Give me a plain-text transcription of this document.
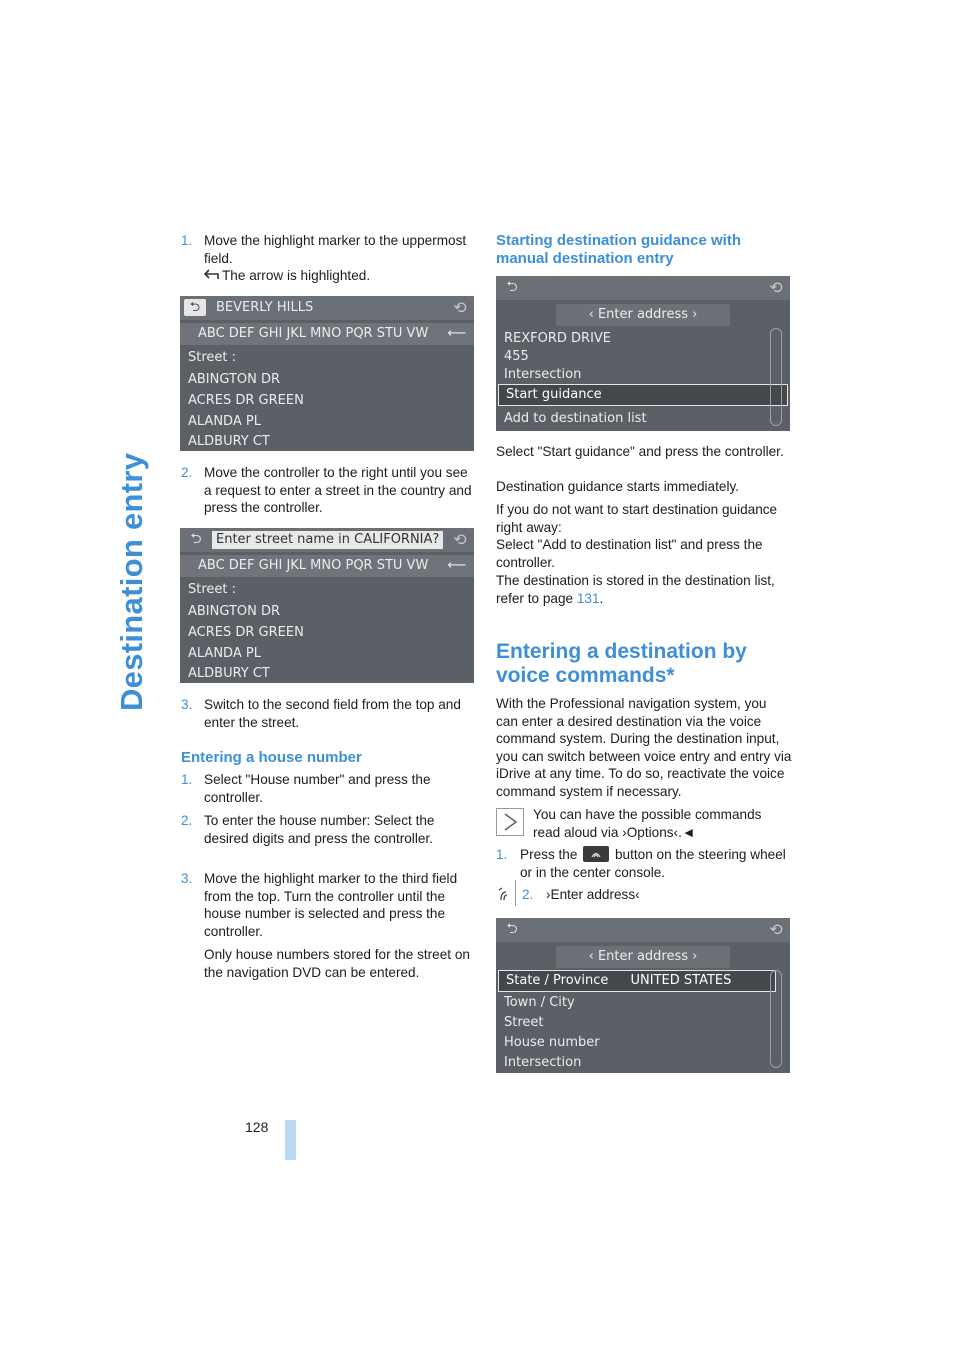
Destination entry
128
1. Move the highlight marker to the uppermost field.
The arrow is highlighted.
⮌	BEVERLY HILLS	⟲
ABC DEF GHI JKL MNO PQR STU VW ⟵
Street :
ABINGTON DR
ACRES DR GREEN
ALANDA PL
ALDBURY CT
2. Move the controller to the right until you see a request to enter a street in the country and press the controller.
⮌	Enter street name in CALIFORNIA? ⟲
ABC DEF GHI JKL MNO PQR STU VW ⟵
Street :
ABINGTON DR
ACRES DR GREEN
ALANDA PL
ALDBURY CT
3. Switch to the second field from the top and enter the street.
Entering a house number
1. Select "House number" and press the controller.
2. To enter the house number: Select the desired digits and press the controller.
3. Move the highlight marker to the third field from the top. Turn the controller until the house number is selected and press the controller.
Only house numbers stored for the street on the navigation DVD can be entered.
Starting destination guidance with manual destination entry
⮌	⟲
‹ Enter address ›
REXFORD DRIVE
455
Intersection
Start guidance
Add to destination list
Select "Start guidance" and press the controller.
Destination guidance starts immediately.
If you do not want to start destination guidance right away:
Select "Add to destination list" and press the controller.
The destination is stored in the destination list, refer to page 131.
Entering a destination by voice commands*
With the Professional navigation system, you can enter a desired destination via the voice command system. During the destination input, you can switch between voice entry and entry via iDrive at any time. To do so, reactivate the voice command system if necessary.
You can have the possible commands read aloud via ›Options‹.◄
1. Press the	button on the steering wheel or in the center console.
2. ›Enter address‹
⮌	⟲
‹ Enter address ›
State / Province UNITED STATES
Town / City
Street
House number
Intersection
